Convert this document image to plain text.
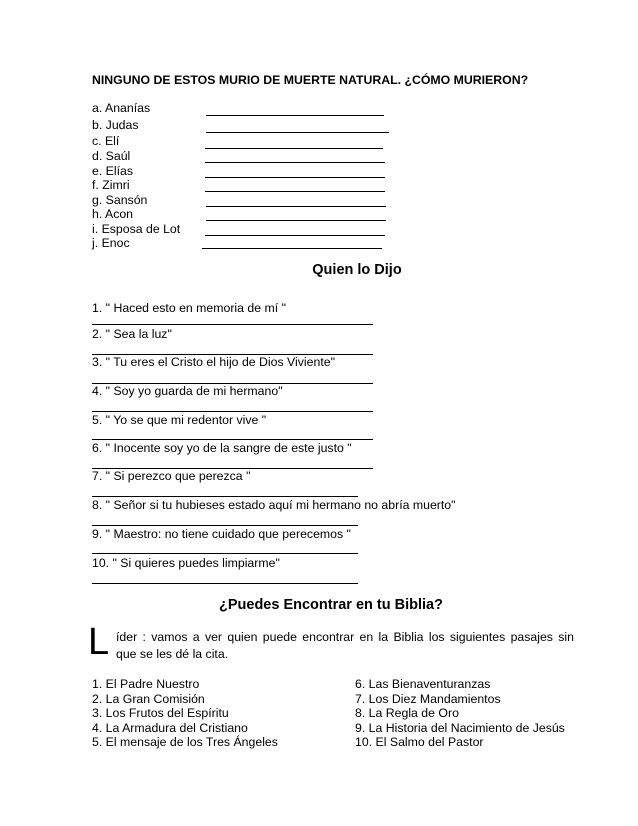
NINGUNO DE ESTOS MURIO DE MUERTE NATURAL. ¿CÓMO MURIERON?
a. Ananías
b. Judas
c. Elí
d. Saúl
e. Elías
f. Zimri
g. Sansón
h. Acon
i. Esposa de Lot
j. Enoc
Quien lo Dijo
1. " Haced esto en memoria de mí "
2. " Sea la luz"
3. " Tu eres el Cristo el hijo de Dios Viviente"
4. " Soy yo guarda de mi hermano"
5. " Yo se que mi redentor vive "
6. " Inocente soy yo de la sangre de este justo "
7. " Si perezco que perezca "
8. " Señor si tu hubieses estado aquí mi hermano no abría muerto"
9. " Maestro: no tiene cuidado que perecemos "
10. " Si quieres puedes limpiarme"
¿Puedes Encontrar en tu Biblia?
L íder : vamos a ver quien puede encontrar en la Biblia los siguientes pasajes sin
que se les dé la cita.
1. El Padre Nuestro
2. La Gran Comisión
3. Los Frutos del Espíritu
4. La Armadura del Cristiano
5. El mensaje de los Tres Ángeles
6. Las Bienaventuranzas
7. Los Diez Mandamientos
8. La Regla de Oro
9. La Historia del Nacimiento de Jesús
10. El Salmo del Pastor
